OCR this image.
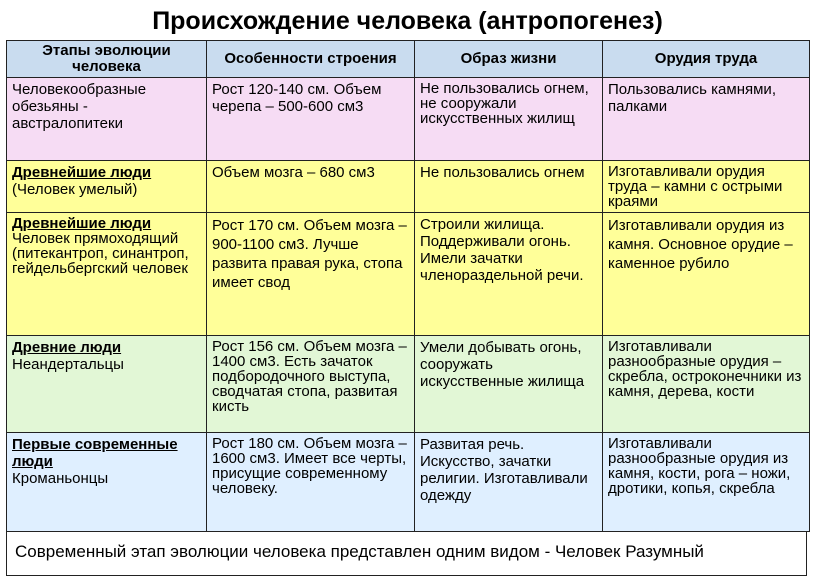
Происхождение человека (антропогенез)
Этапы эволюции человека	Особенности строения	Образ жизни	Орудия труда
Человекообразные обезьяны - австралопитеки	Рост 120-140 см. Объем черепа – 500-600 см3	Не пользовались огнем, не сооружали искусственных жилищ	Пользовались камнями, палками
Древнейшие люди
(Человек умелый)	Объем мозга – 680 см3	Не пользовались огнем	Изготавливали орудия труда – камни с острыми краями
Древнейшие люди
Человек прямоходящий (питекантроп, синантроп, гейдельбергский человек	Рост 170 см. Объем мозга – 900-1100 см3. Лучше развита правая рука, стопа имеет свод	Строили жилища. Поддерживали огонь. Имели зачатки членораздельной речи.	Изготавливали орудия из камня. Основное орудие – каменное рубило
Древние люди
Неандертальцы	Рост 156 см. Объем мозга –1400 см3. Есть зачаток подбородочного выступа, сводчатая стопа, развитая кисть	Умели добывать огонь, сооружать искусственные жилища	Изготавливали разнообразные орудия – скребла, остроконечники из камня, дерева, кости
Первые современные люди
Кроманьонцы	Рост 180 см. Объем мозга –1600 см3. Имеет все черты, присущие современному человеку.	Развитая речь. Искусство, зачатки религии. Изготавливали одежду	Изготавливали разнообразные орудия из камня, кости, рога – ножи, дротики, копья, скребла
Современный этап эволюции человека представлен одним видом - Человек Разумный
